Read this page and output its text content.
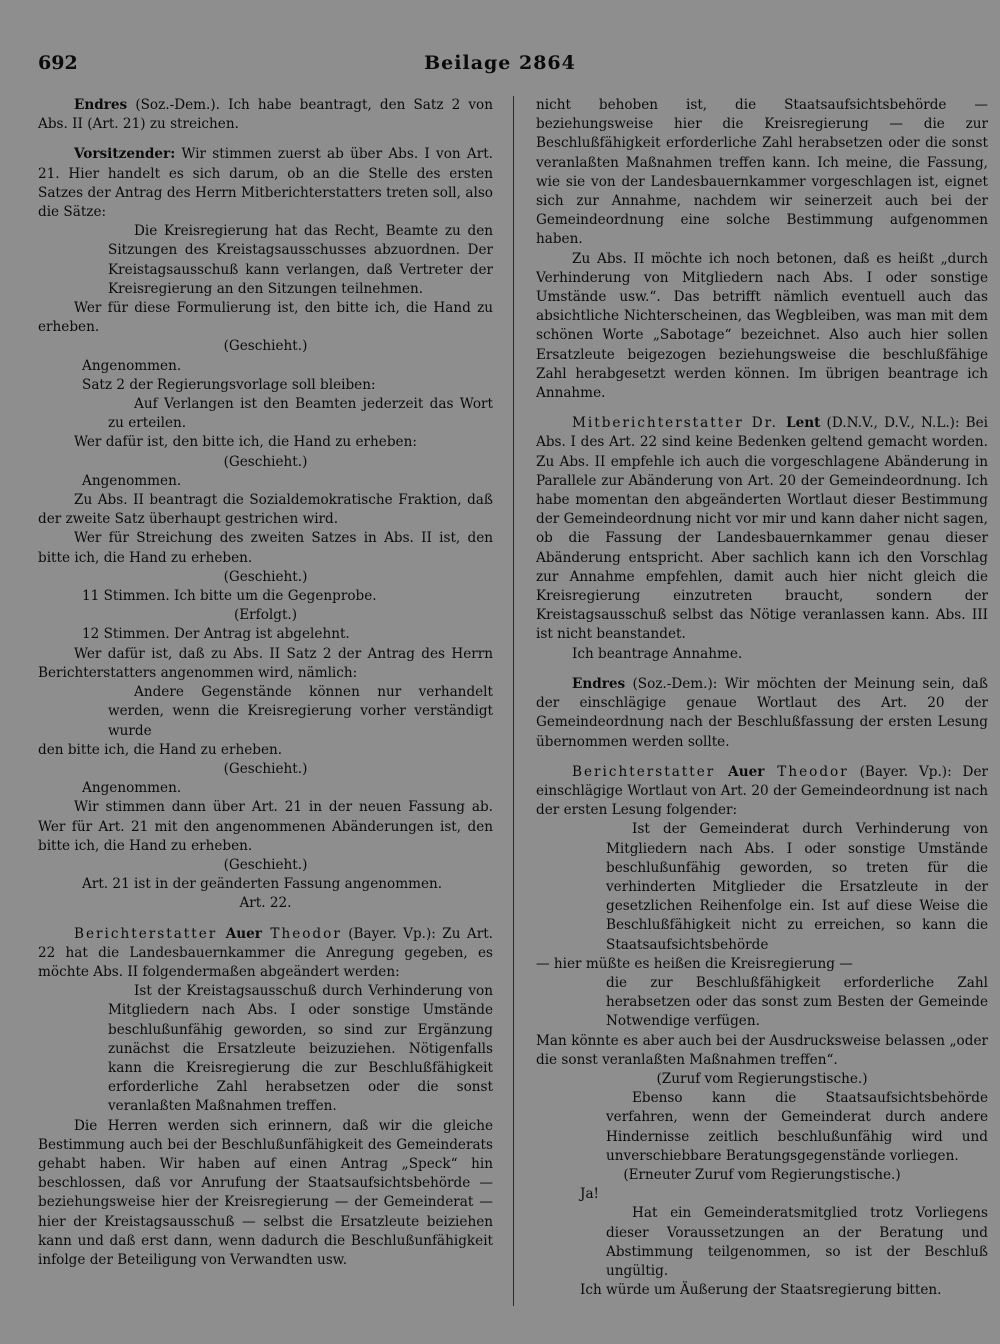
692	Beilage 2864

Endres (Soz.-Dem.). Ich habe beantragt, den Satz 2 von Abs. II (Art. 21) zu streichen.

Vorsitzender: Wir stimmen zuerst ab über Abs. I von Art. 21. Hier handelt es sich darum, ob an die Stelle des ersten Satzes der Antrag des Herrn Mitberichterstatters treten soll, also die Sätze:

Die Kreisregierung hat das Recht, Beamte zu den Sitzungen des Kreistagsausschusses abzuordnen. Der Kreistagsausschuß kann verlangen, daß Vertreter der Kreisregierung an den Sitzungen teilnehmen.

Wer für diese Formulierung ist, den bitte ich, die Hand zu erheben.

(Geschieht.)

Angenommen.

Satz 2 der Regierungsvorlage soll bleiben:

Auf Verlangen ist den Beamten jederzeit das Wort zu erteilen.

Wer dafür ist, den bitte ich, die Hand zu erheben:

(Geschieht.)

Angenommen.

Zu Abs. II beantragt die Sozialdemokratische Fraktion, daß der zweite Satz überhaupt gestrichen wird.

Wer für Streichung des zweiten Satzes in Abs. II ist, den bitte ich, die Hand zu erheben.

(Geschieht.)

11 Stimmen. Ich bitte um die Gegenprobe.

(Erfolgt.)

12 Stimmen. Der Antrag ist abgelehnt.

Wer dafür ist, daß zu Abs. II Satz 2 der Antrag des Herrn Berichterstatters angenommen wird, nämlich:

Andere Gegenstände können nur verhandelt werden, wenn die Kreisregierung vorher verständigt wurde

den bitte ich, die Hand zu erheben.

(Geschieht.)

Angenommen.

Wir stimmen dann über Art. 21 in der neuen Fassung ab. Wer für Art. 21 mit den angenommenen Abänderungen ist, den bitte ich, die Hand zu erheben.

(Geschieht.)

Art. 21 ist in der geänderten Fassung angenommen.

Art. 22.

Berichterstatter Auer Theodor (Bayer. Vp.): Zu Art. 22 hat die Landesbauernkammer die Anregung gegeben, es möchte Abs. II folgendermaßen abgeändert werden:

Ist der Kreistagsausschuß durch Verhinderung von Mitgliedern nach Abs. I oder sonstige Umstände beschlußunfähig geworden, so sind zur Ergänzung zunächst die Ersatzleute beizuziehen. Nötigenfalls kann die Kreisregierung die zur Beschlußfähigkeit erforderliche Zahl herabsetzen oder die sonst veranlaßten Maßnahmen treffen.

Die Herren werden sich erinnern, daß wir die gleiche Bestimmung auch bei der Beschlußunfähigkeit des Gemeinderats gehabt haben. Wir haben auf einen Antrag „Speck“ hin beschlossen, daß vor Anrufung der Staatsaufsichtsbehörde — beziehungsweise hier der Kreisregierung — der Gemeinderat — hier der Kreistagsausschuß — selbst die Ersatzleute beiziehen kann und daß erst dann, wenn dadurch die Beschlußunfähigkeit infolge der Beteiligung von Verwandten usw.

nicht behoben ist, die Staatsaufsichtsbehörde — beziehungsweise hier die Kreisregierung — die zur Beschlußfähigkeit erforderliche Zahl herabsetzen oder die sonst veranlaßten Maßnahmen treffen kann. Ich meine, die Fassung, wie sie von der Landesbauernkammer vorgeschlagen ist, eignet sich zur Annahme, nachdem wir seinerzeit auch bei der Gemeindeordnung eine solche Bestimmung aufgenommen haben.

Zu Abs. II möchte ich noch betonen, daß es heißt „durch Verhinderung von Mitgliedern nach Abs. I oder sonstige Umstände usw.“. Das betrifft nämlich eventuell auch das absichtliche Nichterscheinen, das Wegbleiben, was man mit dem schönen Worte „Sabotage“ bezeichnet. Also auch hier sollen Ersatzleute beigezogen beziehungsweise die beschlußfähige Zahl herabgesetzt werden können. Im übrigen beantrage ich Annahme.

Mitberichterstatter Dr. Lent (D.N.V., D.V., N.L.): Bei Abs. I des Art. 22 sind keine Bedenken geltend gemacht worden. Zu Abs. II empfehle ich auch die vorgeschlagene Abänderung in Parallele zur Abänderung von Art. 20 der Gemeindeordnung. Ich habe momentan den abgeänderten Wortlaut dieser Bestimmung der Gemeindeordnung nicht vor mir und kann daher nicht sagen, ob die Fassung der Landesbauernkammer genau dieser Abänderung entspricht. Aber sachlich kann ich den Vorschlag zur Annahme empfehlen, damit auch hier nicht gleich die Kreisregierung einzutreten braucht, sondern der Kreistagsausschuß selbst das Nötige veranlassen kann. Abs. III ist nicht beanstandet.

Ich beantrage Annahme.

Endres (Soz.-Dem.): Wir möchten der Meinung sein, daß der einschlägige genaue Wortlaut des Art. 20 der Gemeindeordnung nach der Beschlußfassung der ersten Lesung übernommen werden sollte.

Berichterstatter Auer Theodor (Bayer. Vp.): Der einschlägige Wortlaut von Art. 20 der Gemeindeordnung ist nach der ersten Lesung folgender:

Ist der Gemeinderat durch Verhinderung von Mitgliedern nach Abs. I oder sonstige Umstände beschlußunfähig geworden, so treten für die verhinderten Mitglieder die Ersatzleute in der gesetzlichen Reihenfolge ein. Ist auf diese Weise die Beschlußfähigkeit nicht zu erreichen, so kann die Staatsaufsichtsbehörde

— hier müßte es heißen die Kreisregierung —

die zur Beschlußfähigkeit erforderliche Zahl herabsetzen oder das sonst zum Besten der Gemeinde Notwendige verfügen.

Man könnte es aber auch bei der Ausdrucksweise belassen „oder die sonst veranlaßten Maßnahmen treffen“.

(Zuruf vom Regierungstische.)

Ebenso kann die Staatsaufsichtsbehörde verfahren, wenn der Gemeinderat durch andere Hindernisse zeitlich beschlußunfähig wird und unverschiebbare Beratungsgegenstände vorliegen.

(Erneuter Zuruf vom Regierungstische.)

Ja!

Hat ein Gemeinderatsmitglied trotz Vorliegens dieser Voraussetzungen an der Beratung und Abstimmung teilgenommen, so ist der Beschluß ungültig.

Ich würde um Äußerung der Staatsregierung bitten.
